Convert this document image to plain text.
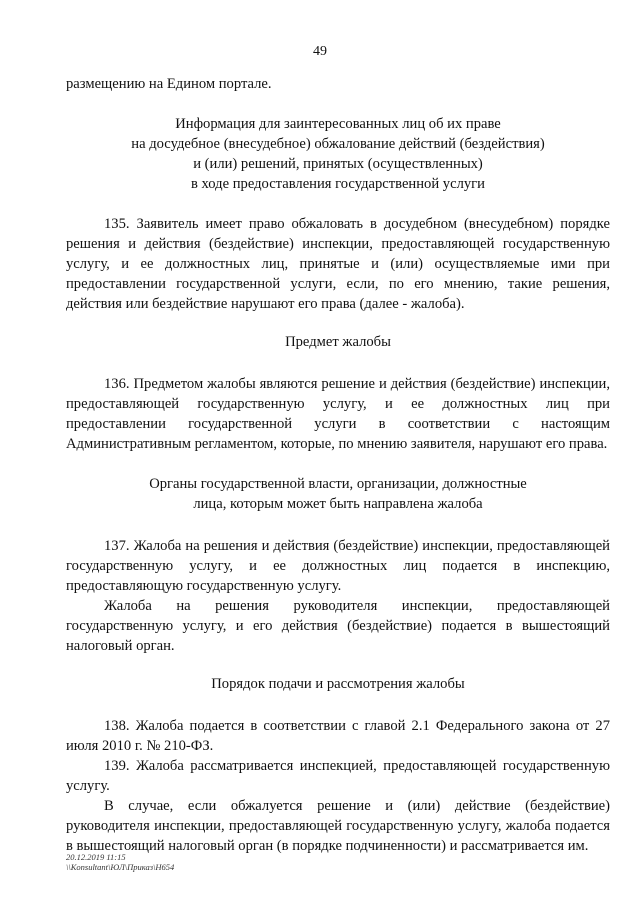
49

размещению на Едином портале.

Информация для заинтересованных лиц об их праве
на досудебное (внесудебное) обжалование действий (бездействия)
и (или) решений, принятых (осуществленных)
в ходе предоставления государственной услуги

135. Заявитель имеет право обжаловать в досудебном (внесудебном) порядке решения и действия (бездействие) инспекции, предоставляющей государственную услугу, и ее должностных лиц, принятые и (или) осуществляемые ими при предоставлении государственной услуги, если, по его мнению, такие решения, действия или бездействие нарушают его права (далее - жалоба).

Предмет жалобы

136. Предметом жалобы являются решение и действия (бездействие) инспекции, предоставляющей государственную услугу, и ее должностных лиц при предоставлении государственной услуги в соответствии с настоящим Административным регламентом, которые, по мнению заявителя, нарушают его права.

Органы государственной власти, организации, должностные
лица, которым может быть направлена жалоба

137. Жалоба на решения и действия (бездействие) инспекции, предоставляющей государственную услугу, и ее должностных лиц подается в инспекцию, предоставляющую государственную услугу.

Жалоба на решения руководителя инспекции, предоставляющей государственную услугу, и его действия (бездействие) подается в вышестоящий налоговый орган.

Порядок подачи и рассмотрения жалобы

138. Жалоба подается в соответствии с главой 2.1 Федерального закона от 27 июля 2010 г. № 210-ФЗ.

139. Жалоба рассматривается инспекцией, предоставляющей государственную услугу.

В случае, если обжалуется решение и (или) действие (бездействие) руководителя инспекции, предоставляющей государственную услугу, жалоба подается в вышестоящий налоговый орган (в порядке подчиненности) и рассматривается им.

20.12.2019 11:15
\\Konsultant\ЮЛ\Приказ\Н654
